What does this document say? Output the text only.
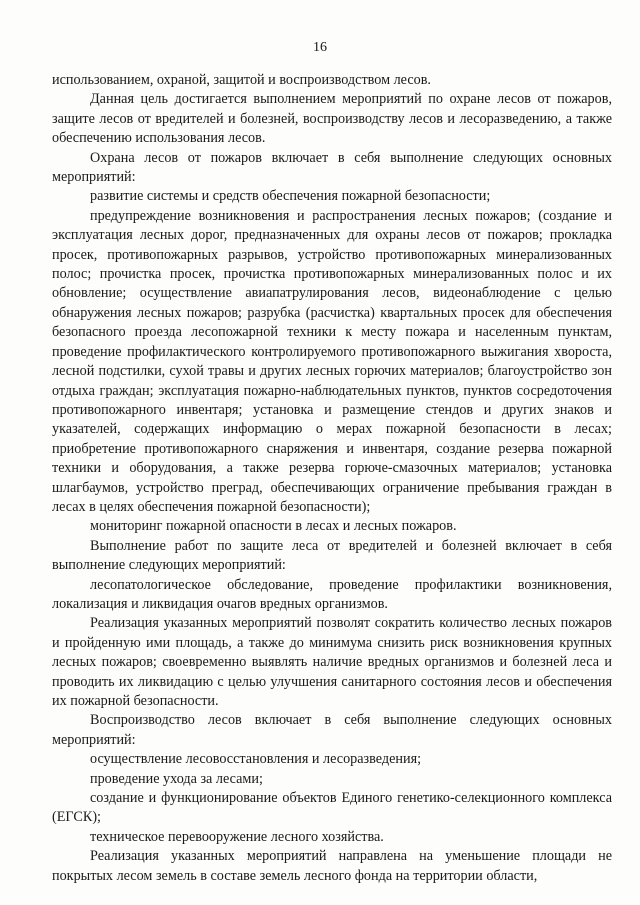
16

использованием, охраной, защитой и воспроизводством лесов.

Данная цель достигается выполнением мероприятий по охране лесов от пожаров, защите лесов от вредителей и болезней, воспроизводству лесов и лесоразведению, а также обеспечению использования лесов.

Охрана лесов от пожаров включает в себя выполнение следующих основных мероприятий:

развитие системы и средств обеспечения пожарной безопасности;

предупреждение возникновения и распространения лесных пожаров; (создание и эксплуатация лесных дорог, предназначенных для охраны лесов от пожаров; прокладка просек, противопожарных разрывов, устройство противопожарных минерализованных полос; прочистка просек, прочистка противопожарных минерализованных полос и их обновление; осуществление авиапатрулирования лесов, видеонаблюдение с целью обнаружения лесных пожаров; разрубка (расчистка) квартальных просек для обеспечения безопасного проезда лесопожарной техники к месту пожара и населенным пунктам, проведение профилактического контролируемого противопожарного выжигания хвороста, лесной подстилки, сухой травы и других лесных горючих материалов; благоустройство зон отдыха граждан; эксплуатация пожарно-наблюдательных пунктов, пунктов сосредоточения противопожарного инвентаря; установка и размещение стендов и других знаков и указателей, содержащих информацию о мерах пожарной безопасности в лесах; приобретение противопожарного снаряжения и инвентаря, создание резерва пожарной техники и оборудования, а также резерва горюче-смазочных материалов; установка шлагбаумов, устройство преград, обеспечивающих ограничение пребывания граждан в лесах в целях обеспечения пожарной безопасности);

мониторинг пожарной опасности в лесах и лесных пожаров.

Выполнение работ по защите леса от вредителей и болезней включает в себя выполнение следующих мероприятий:

лесопатологическое обследование, проведение профилактики возникновения, локализация и ликвидация очагов вредных организмов.

Реализация указанных мероприятий позволят сократить количество лесных пожаров и пройденную ими площадь, а также до минимума снизить риск возникновения крупных лесных пожаров; своевременно выявлять наличие вредных организмов и болезней леса и проводить их ликвидацию с целью улучшения санитарного состояния лесов и обеспечения их пожарной безопасности.

Воспроизводство лесов включает в себя выполнение следующих основных мероприятий:

осуществление лесовосстановления и лесоразведения;

проведение ухода за лесами;

создание и функционирование объектов Единого генетико-селекционного комплекса (ЕГСК);

техническое перевооружение лесного хозяйства.

Реализация указанных мероприятий направлена на уменьшение площади не покрытых лесом земель в составе земель лесного фонда на территории области,
